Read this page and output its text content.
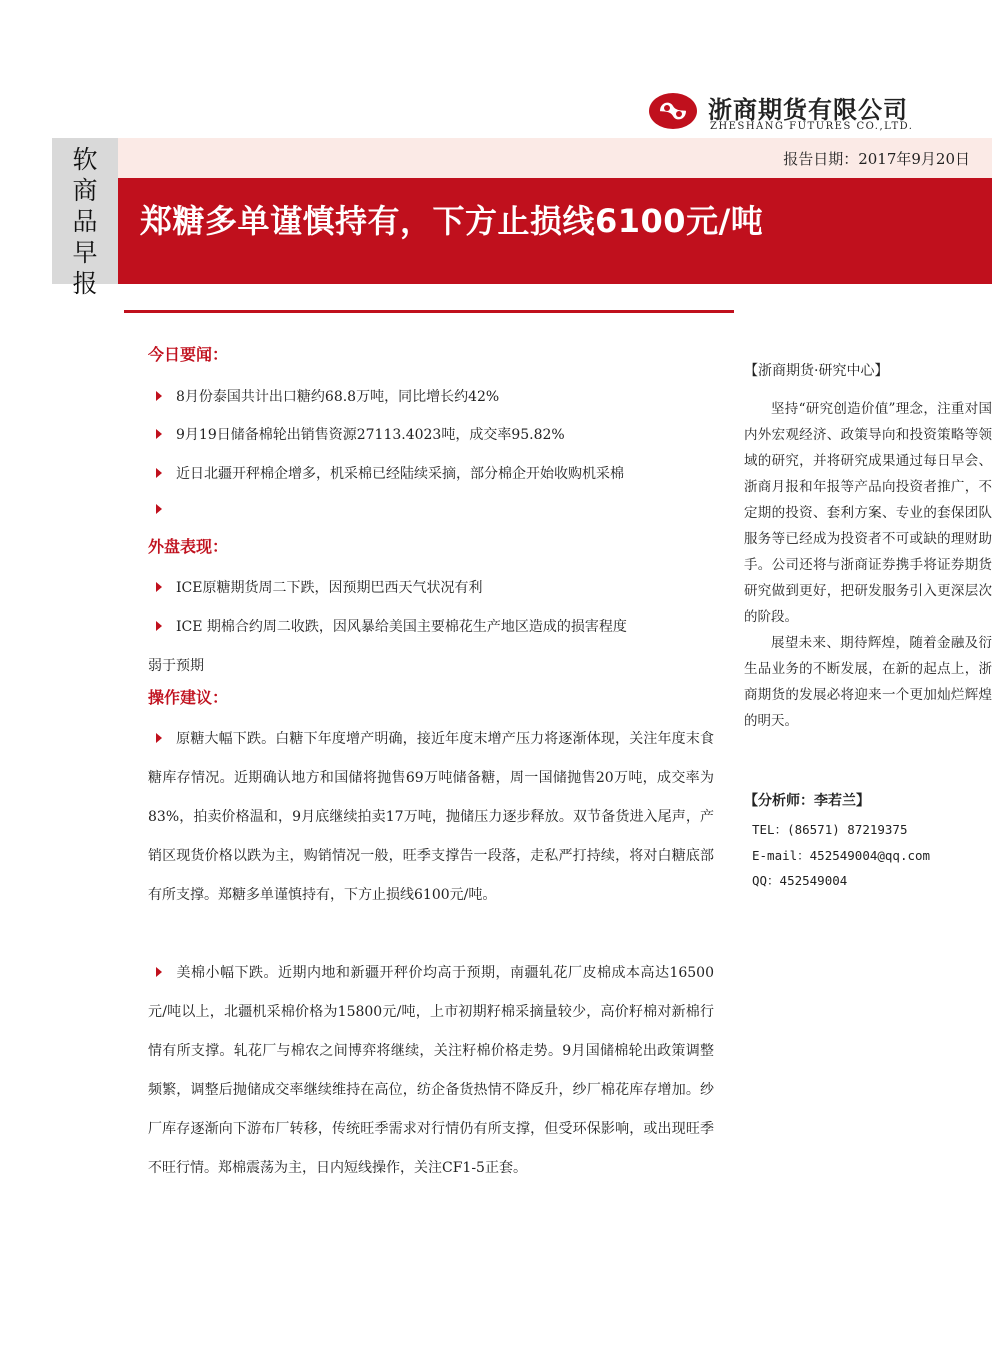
浙商期货有限公司
ZHESHANG FUTURES CO.,LTD.
软
商
品
早
报
报告日期：2017年9月20日
郑糖多单谨慎持有，下方止损线6100元/吨
今日要闻：
8月份泰国共计出口糖约68.8万吨，同比增长约42%
9月19日储备棉轮出销售资源27113.4023吨，成交率95.82%
近日北疆开秤棉企增多，机采棉已经陆续采摘，部分棉企开始收购机采棉
外盘表现：
ICE原糖期货周二下跌，因预期巴西天气状况有利
ICE 期棉合约周二收跌，因风暴给美国主要棉花生产地区造成的损害程度
弱于预期
操作建议：
原糖大幅下跌。白糖下年度增产明确，接近年度末增产压力将逐渐体现，关注年度末食糖库存情况。近期确认地方和国储将抛售69万吨储备糖，周一国储抛售20万吨，成交率为83%，拍卖价格温和，9月底继续拍卖17万吨，抛储压力逐步释放。双节备货进入尾声，产销区现货价格以跌为主，购销情况一般，旺季支撑告一段落，走私严打持续，将对白糖底部有所支撑。郑糖多单谨慎持有，下方止损线6100元/吨。
美棉小幅下跌。近期内地和新疆开秤价均高于预期，南疆轧花厂皮棉成本高达16500元/吨以上，北疆机采棉价格为15800元/吨，上市初期籽棉采摘量较少，高价籽棉对新棉行情有所支撑。轧花厂与棉农之间博弈将继续，关注籽棉价格走势。9月国储棉轮出政策调整频繁，调整后抛储成交率继续维持在高位，纺企备货热情不降反升，纱厂棉花库存增加。纱厂库存逐渐向下游布厂转移，传统旺季需求对行情仍有所支撑，但受环保影响，或出现旺季不旺行情。郑棉震荡为主，日内短线操作，关注CF1-5正套。
【浙商期货·研究中心】

坚持“研究创造价值”理念，注重对国内外宏观经济、政策导向和投资策略等领域的研究，并将研究成果通过每日早会、浙商月报和年报等产品向投资者推广，不定期的投资、套利方案、专业的套保团队服务等已经成为投资者不可或缺的理财助手。公司还将与浙商证券携手将证券期货研究做到更好，把研发服务引入更深层次的阶段。

展望未来、期待辉煌，随着金融及衍生品业务的不断发展，在新的起点上，浙商期货的发展必将迎来一个更加灿烂辉煌的明天。

【分析师：李若兰】
TEL：(86571) 87219375
E-mail：452549004@qq.com
QQ：452549004
